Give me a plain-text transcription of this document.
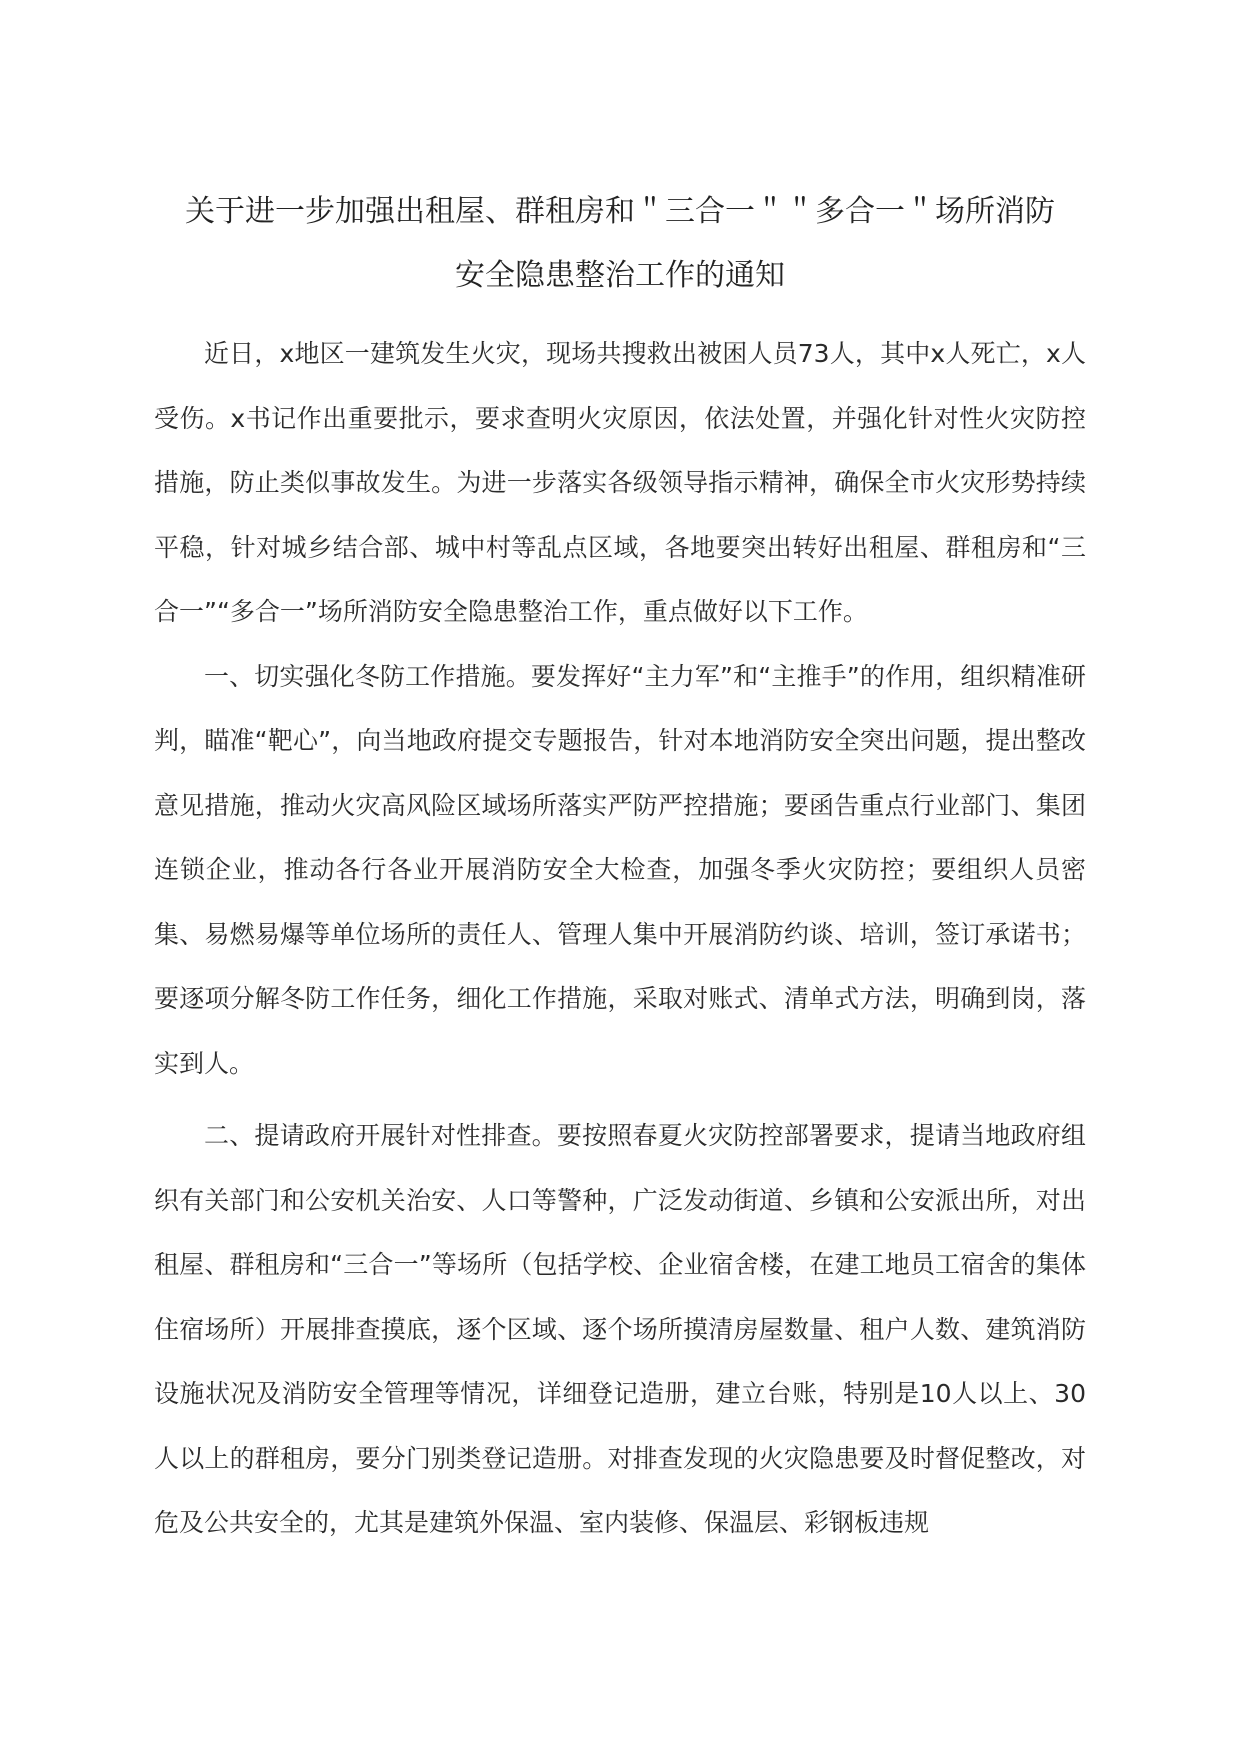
关于进一步加强出租屋、群租房和＂三合一＂＂多合一＂场所消防
安全隐患整治工作的通知

近日，x地区一建筑发生火灾，现场共搜救出被困人员73人，其中x人死亡，x人受伤。x书记作出重要批示，要求查明火灾原因，依法处置，并强化针对性火灾防控措施，防止类似事故发生。为进一步落实各级领导指示精神，确保全市火灾形势持续平稳，针对城乡结合部、城中村等乱点区域，各地要突出转好出租屋、群租房和“三合一”“多合一”场所消防安全隐患整治工作，重点做好以下工作。

一、切实强化冬防工作措施。要发挥好“主力军”和“主推手”的作用，组织精准研判，瞄准“靶心”，向当地政府提交专题报告，针对本地消防安全突出问题，提出整改意见措施，推动火灾高风险区域场所落实严防严控措施；要函告重点行业部门、集团连锁企业，推动各行各业开展消防安全大检查，加强冬季火灾防控；要组织人员密集、易燃易爆等单位场所的责任人、管理人集中开展消防约谈、培训，签订承诺书；要逐项分解冬防工作任务，细化工作措施，采取对账式、清单式方法，明确到岗，落实到人。

二、提请政府开展针对性排查。要按照春夏火灾防控部署要求，提请当地政府组织有关部门和公安机关治安、人口等警种，广泛发动街道、乡镇和公安派出所，对出租屋、群租房和“三合一”等场所（包括学校、企业宿舍楼，在建工地员工宿舍的集体住宿场所）开展排查摸底，逐个区域、逐个场所摸清房屋数量、租户人数、建筑消防设施状况及消防安全管理等情况，详细登记造册，建立台账，特别是10人以上、30人以上的群租房，要分门别类登记造册。对排查发现的火灾隐患要及时督促整改，对危及公共安全的，尤其是建筑外保温、室内装修、保温层、彩钢板违规
